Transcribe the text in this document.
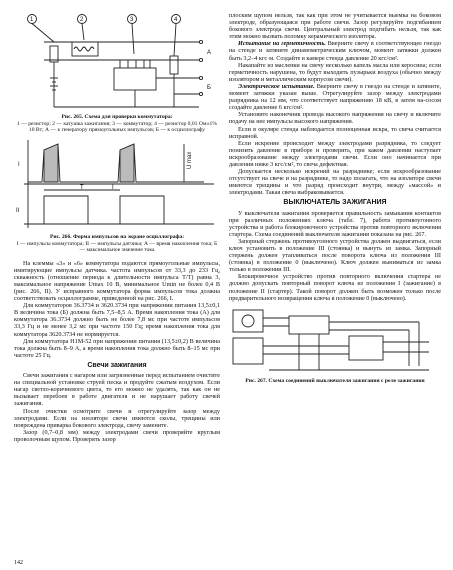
1	2	3	4
A
Б
Рис. 265. Схема для проверки коммутатора:
1 — резистор; 2 — катушка зажигания; 3 — коммутатор; 4 — резистор 0,01 Ом±1% 10 Вт; А — к генератору прямоугольных импульсов; Б — к осциллографу
I
II
T	I
U max
Рис. 266. Форма импульсов на экране осциллографа:
I — импульсы коммутатора; II — импульсы датчика; А — время накопления тока; Б — максимальное значение тока

На клеммы «3» и «6» коммутатора подаются прямоугольные импульсы, имитирующие импульсы датчика. частота импульсов от 33,3 до 233 Гц, скважность (отношение периода к длительности импульса Т/Т) равна 3, максимальное напряжение Umax 10 В, минимальное Umin не более 0,4 В (рис. 266, II). У исправного коммутатора форма импульсов тока должна соответствовать осциллограмме, приведенной на рис. 266, I.

Для коммутаторов 36.3734 и 3620.3734 при напряжении питания 13,5±0,1 В величина тока (Б) должна быть 7,5–8,5 А. Время накопления тока (А) для коммутатора 36.3734 должно быть не более 7,8 мс при частоте импульсов 33,3 Гц и не менее 3,2 мс при частоте 150 Гц; время накопления тока для коммутатора 3620.3734 не нормируется.

Для коммутатора Н1М-52 при напряжении питания (13,5±0,2) В величина тока должна быть 8–9 А, а время накопления тока должно быть 8–15 мс при частоте 25 Гц.

Свечи зажигания

Свечи зажигания с нагаром или загрязненные перед испытанием очистите на специальной установке струей песка и продуйте сжатым воздухом. Если нагар светло-коричневого цвета, то его можно не удалять, так как он не вызывает перебоев в работе двигателя и не нарушает работу свечей зажигания.

После очистки осмотрите свечи и отрегулируйте зазор между электродами. Если на изоляторе свечи имеются сколы, трещины или повреждена приварка бокового электрода, свечу замените.

Зазор (0,7–0,8 мм) между электродами свечи проверяйте круглым проволочным щупом. Проверять зазор

плоским щупом нельзя, так как при этом не учитывается выемка на боковом электроде, образующаяся при работе свечи. Зазор регулируйте подгибанием бокового электрода свечи. Центральный электрод подгибать нельзя, так как этим можно вызвать поломку керамического изолятора.

Испытание на герметичность. Вверните свечу в соответствующее гнездо на стенде и затяните динамометрическим ключом, момент затяжки должен быть 3,2–4 кгс·м. Создайте в камере стенда давление 20 кгс/см².

Накапайте из масленки на свечу несколько капель масла или керосина; если герметичность нарушена, то будут выходить пузырьки воздуха (обычно между изолятором и металлическим корпусом свечи).

Электрическое испытание. Вверните свечу в гнездо на стенде и затяните, момент затяжки указан выше. Отрегулируйте зазор между электродами разрядника на 12 мм, что соответствует напряжению 18 кВ, в затем на-сосом создайте давление 6 кгс/см².

Установите наконечник провода высокого напряжения на свечу и включите подачу на нее импульсы высокого напряжения.

Если в окуляре стенда наблюдается полноценная искра, то свеча считается исправной.

Если искрение происходит между электродами разрядника, то следует понизить давление в приборе и проверить, при каком давлении наступает искрообразование между электродами свечи. Если оно начинается при давлении ниже 3 кгс/см², то свеча дефектная.

Допускается несколько искрений на разряднике; если искрообразование отсутствует на свече и на разряднике, то надо полагать, что на изоляторе свечи имеются трещины и что разряд происходит внутри, между «массой» и электродами. Такая свеча выбраковывается.

ВЫКЛЮЧАТЕЛЬ ЗАЖИГАНИЯ

У выключателя зажигания проверяется правильность замыкания контактов при различных положениях ключа (табл. 7), работа противоугонного устройства и работа блокировочного устройства против повторного включения стартера. Схема соединений выключателя зажигания показана на рис. 267.

Запорный стержень противоугонного устройства должен выдвигаться, если ключ установить в положение III (стоянка) и вынуть из замка. Запорный стержень должен утапливаться после поворота ключа из положения III (стоянка) в положение 0 (выключено). Ключ должен выниматься из замка только в положении III.

Блокировочное устройство против повторного включения стартера не должно допускать повторный поворот ключа из положения I (зажигание) в положение II (стартер). Такой поворот должен быть возможен только после предварительного возвращения ключа в положение 0 (выключено).

Рис. 267. Схема соединений выключателя зажигания с реле зажигания
142
